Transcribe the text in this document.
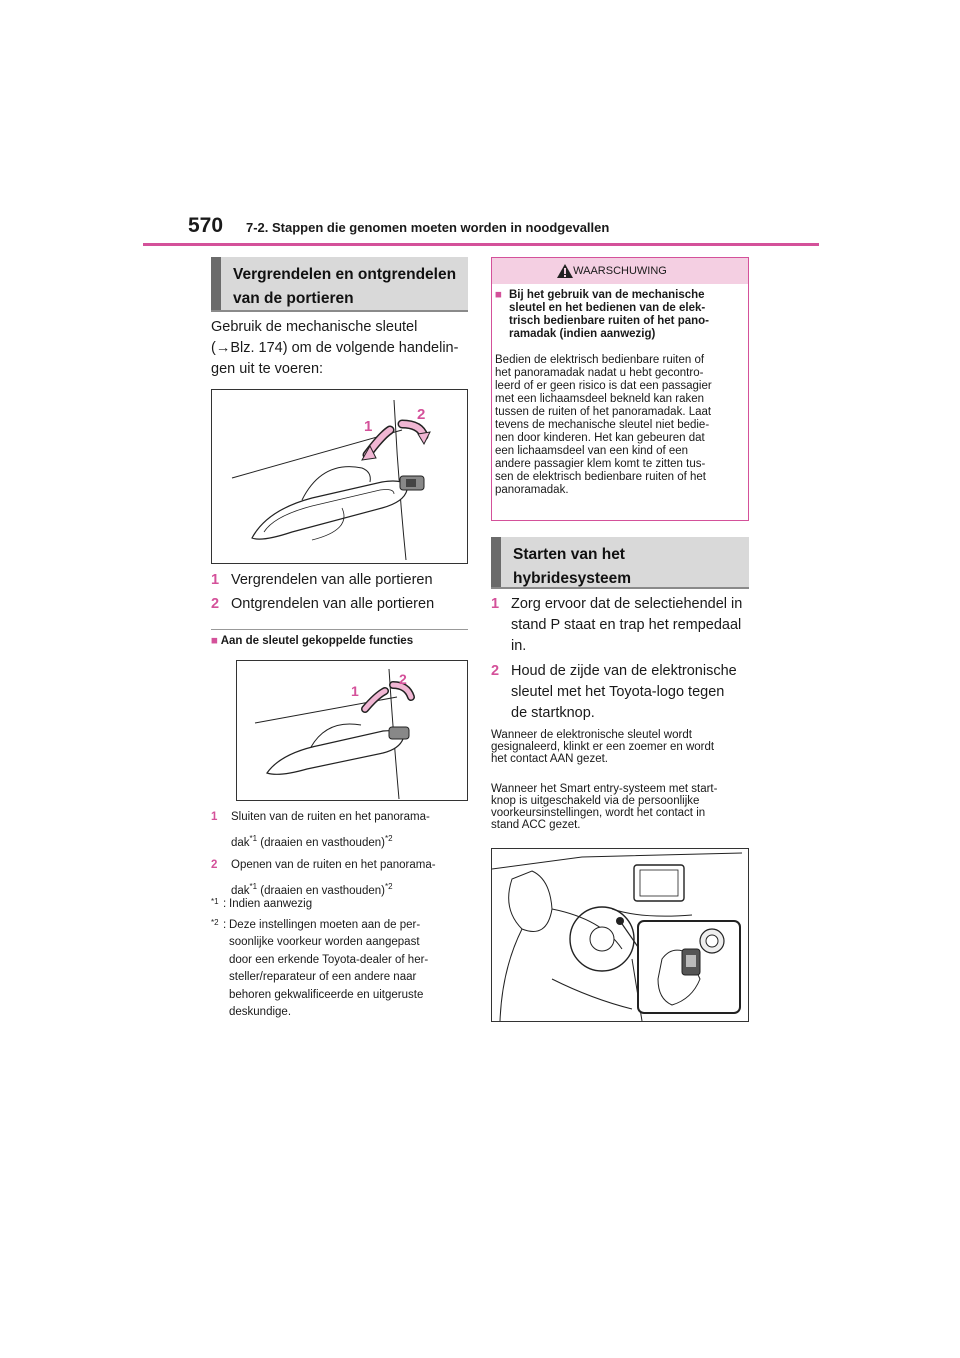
570 7-2. Stappen die genomen moeten worden in noodgevallen
Vergrendelen en ontgrendelen
van de portieren
Gebruik de mechanische sleutel
(→Blz. 174) om de volgende handelin-
gen uit te voeren:
1
2
1 Vergrendelen van alle portieren
2 Ontgrendelen van alle portieren
■ Aan de sleutel gekoppelde functies
1
2
1 Sluiten van de ruiten en het panorama-
dak$^{*1}$ (draaien en vasthouden)$^{*2}$
2 Openen van de ruiten en het panorama-
dak$^{*1}$ (draaien en vasthouden)$^{*2}$
*1 : Indien aanwezig
*2 : Deze instellingen moeten aan de per-
soonlijke voorkeur worden aangepast
door een erkende Toyota-dealer of her-
steller/reparateur of een andere naar
behoren gekwalificeerde en uitgeruste
deskundige.
WAARSCHUWING
■ Bij het gebruik van de mechanische
sleutel en het bedienen van de elek-
trisch bedienbare ruiten of het pano-
ramadak (indien aanwezig)
Bedien de elektrisch bedienbare ruiten of
het panoramadak nadat u hebt gecontro-
leerd of er geen risico is dat een passagier
met een lichaamsdeel bekneld kan raken
tussen de ruiten of het panoramadak. Laat
tevens de mechanische sleutel niet bedie-
nen door kinderen. Het kan gebeuren dat
een lichaamsdeel van een kind of een
andere passagier klem komt te zitten tus-
sen de elektrisch bedienbare ruiten of het
panoramadak.
Starten van het
hybridesysteem
1 Zorg ervoor dat de selectiehendel in
stand P staat en trap het rempedaal
in.
2 Houd de zijde van de elektronische
sleutel met het Toyota-logo tegen
de startknop.
Wanneer de elektronische sleutel wordt
gesignaleerd, klinkt er een zoemer en wordt
het contact AAN gezet.
Wanneer het Smart entry-systeem met start-
knop is uitgeschakeld via de persoonlijke
voorkeursinstellingen, wordt het contact in
stand ACC gezet.
